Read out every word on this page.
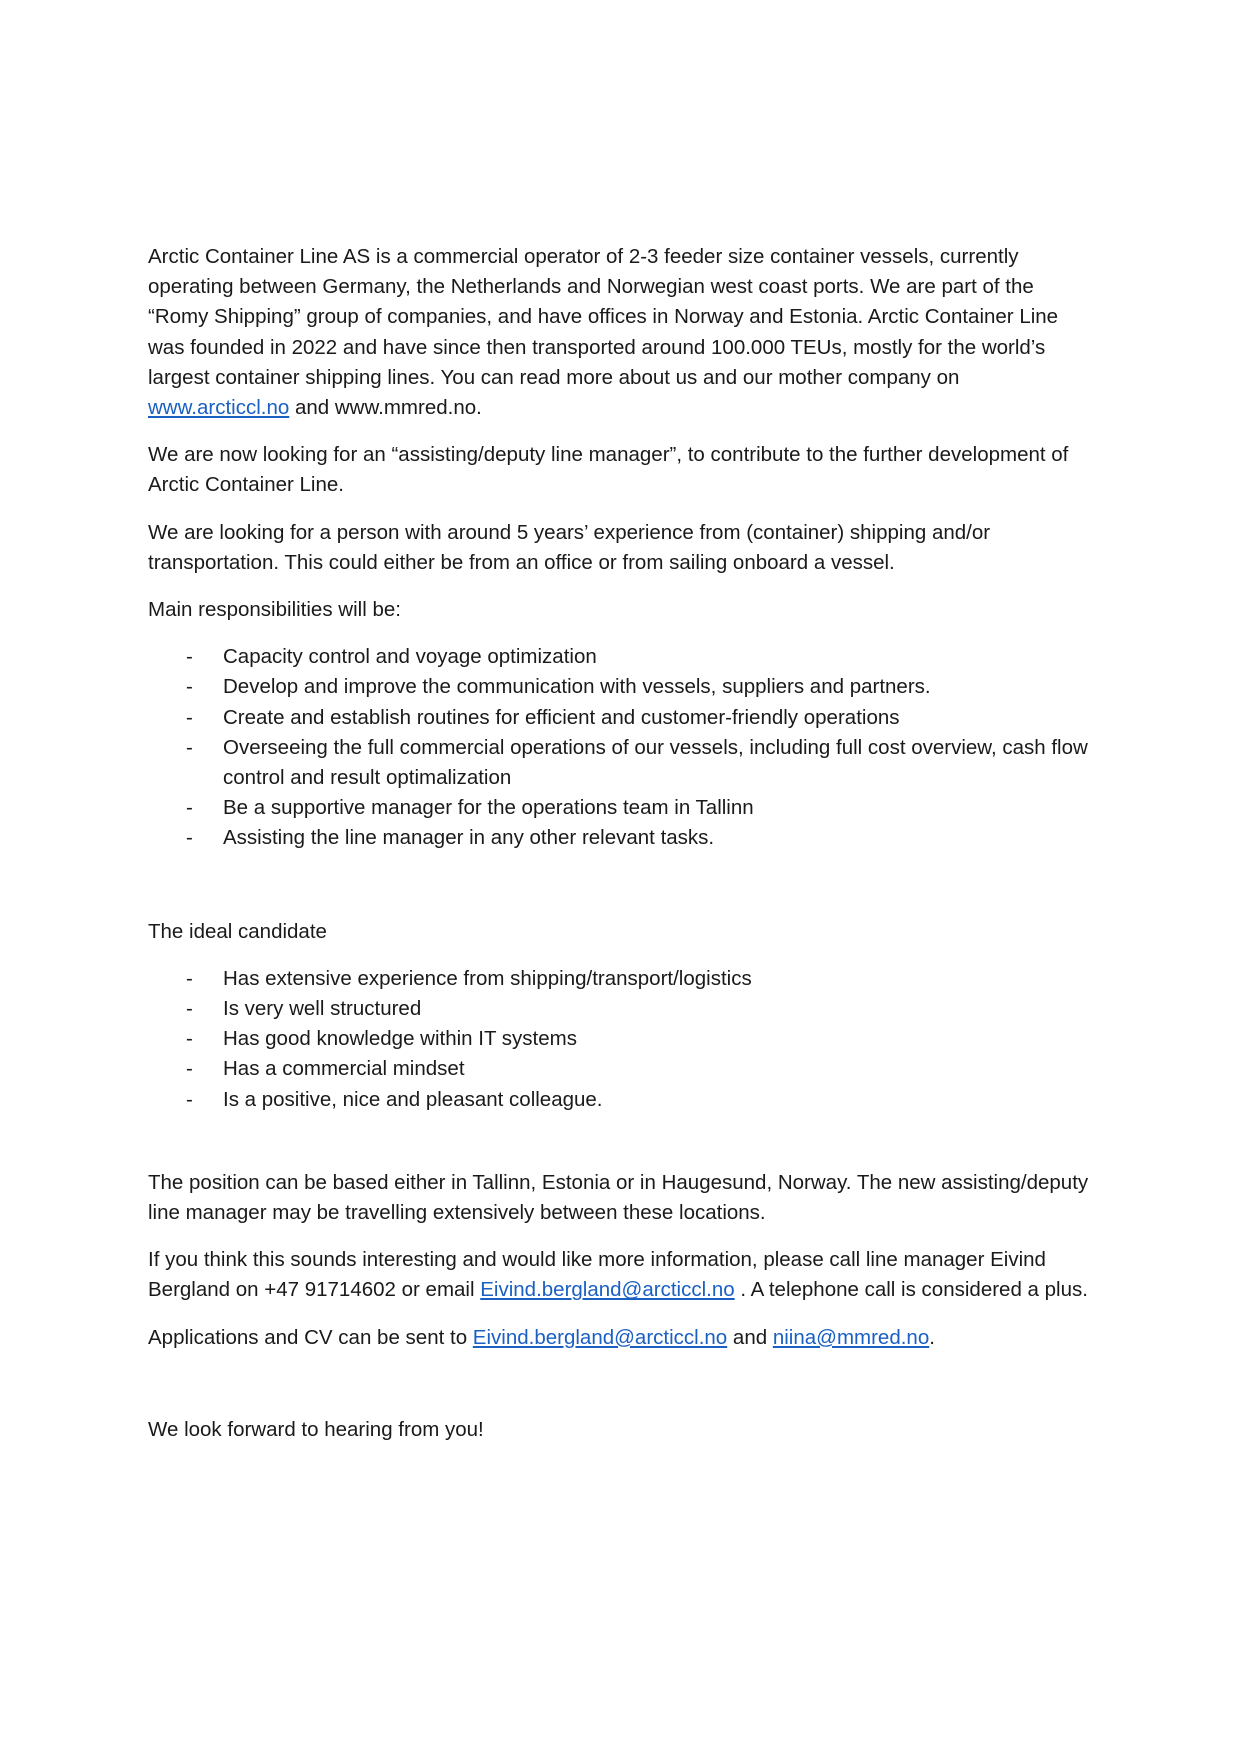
Arctic Container Line AS is a commercial operator of 2-3 feeder size container vessels, currently operating between Germany, the Netherlands and Norwegian west coast ports. We are part of the “Romy Shipping” group of companies, and have offices in Norway and Estonia. Arctic Container Line was founded in 2022 and have since then transported around 100.000 TEUs, mostly for the world’s largest container shipping lines. You can read more about us and our mother company on www.arcticcl.no and www.mmred.no.

We are now looking for an “assisting/deputy line manager”, to contribute to the further development of Arctic Container Line.

We are looking for a person with around 5 years’ experience from (container) shipping and/or transportation. This could either be from an office or from sailing onboard a vessel.

Main responsibilities will be:

- Capacity control and voyage optimization
- Develop and improve the communication with vessels, suppliers and partners.
- Create and establish routines for efficient and customer-friendly operations
- Overseeing the full commercial operations of our vessels, including full cost overview, cash flow control and result optimalization
- Be a supportive manager for the operations team in Tallinn
- Assisting the line manager in any other relevant tasks.

The ideal candidate

- Has extensive experience from shipping/transport/logistics
- Is very well structured
- Has good knowledge within IT systems
- Has a commercial mindset
- Is a positive, nice and pleasant colleague.

The position can be based either in Tallinn, Estonia or in Haugesund, Norway. The new assisting/deputy line manager may be travelling extensively between these locations.

If you think this sounds interesting and would like more information, please call line manager Eivind Bergland on +47 91714602 or email Eivind.bergland@arcticcl.no . A telephone call is considered a plus.

Applications and CV can be sent to Eivind.bergland@arcticcl.no and niina@mmred.no.

We look forward to hearing from you!
